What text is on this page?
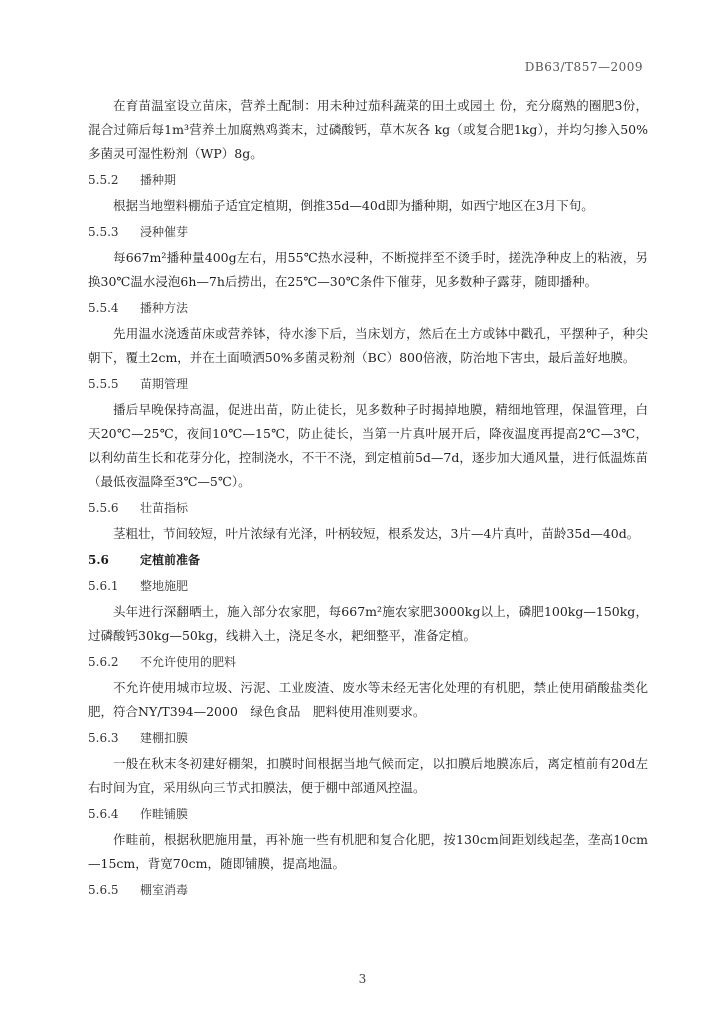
DB63/T857—2009

在育苗温室设立苗床，营养土配制：用未种过茄科蔬菜的田土或园土 份，充分腐熟的圈肥3份，混合过筛后每1m³营养土加腐熟鸡粪末，过磷酸钙，草木灰各 kg（或复合肥1kg），并均匀掺入50%多菌灵可湿性粉剂（WP）8g。

5.5.2 播种期

根据当地塑料棚茄子适宜定植期，倒推35d—40d即为播种期，如西宁地区在3月下旬。

5.5.3 浸种催芽

每667m²播种量400g左右，用55℃热水浸种，不断搅拌至不烫手时，搓洗净种皮上的粘液，另换30℃温水浸泡6h—7h后捞出，在25℃—30℃条件下催芽，见多数种子露芽，随即播种。

5.5.4 播种方法

先用温水浇透苗床或营养钵，待水渗下后，当床划方，然后在土方或钵中戳孔，平摆种子，种尖朝下，覆土2cm，并在土面喷洒50%多菌灵粉剂（BC）800倍液，防治地下害虫，最后盖好地膜。

5.5.5 苗期管理

播后早晚保持高温，促进出苗，防止徒长，见多数种子时揭掉地膜，精细地管理，保温管理，白天20℃—25℃，夜间10℃—15℃，防止徒长，当第一片真叶展开后，降夜温度再提高2℃—3℃，以利幼苗生长和花芽分化，控制浇水，不干不浇，到定植前5d—7d，逐步加大通风量，进行低温炼苗（最低夜温降至3℃—5℃）。

5.5.6 壮苗指标

茎粗壮，节间较短，叶片浓绿有光泽，叶柄较短，根系发达，3片—4片真叶，苗龄35d—40d。

5.6	定植前准备
5.6.1 整地施肥

头年进行深翻晒土，施入部分农家肥，每667m²施农家肥3000kg以上，磷肥100kg—150kg，过磷酸钙30kg—50kg，线耕入土，浇足冬水，耙细整平，准备定植。

5.6.2 不允许使用的肥料

不允许使用城市垃圾、污泥、工业废渣、废水等未经无害化处理的有机肥，禁止使用硝酸盐类化肥，符合NY/T394—2000　绿色食品　肥料使用准则要求。

5.6.3 建棚扣膜

一般在秋末冬初建好棚架，扣膜时间根据当地气候而定，以扣膜后地膜冻后，离定植前有20d左右时间为宜，采用纵向三节式扣膜法，便于棚中部通风控温。

5.6.4 作畦铺膜

作畦前，根据秋肥施用量，再补施一些有机肥和复合化肥，按130cm间距划线起垄，垄高10cm—15cm，背宽70cm，随即铺膜，提高地温。

5.6.5 棚室消毒
3
